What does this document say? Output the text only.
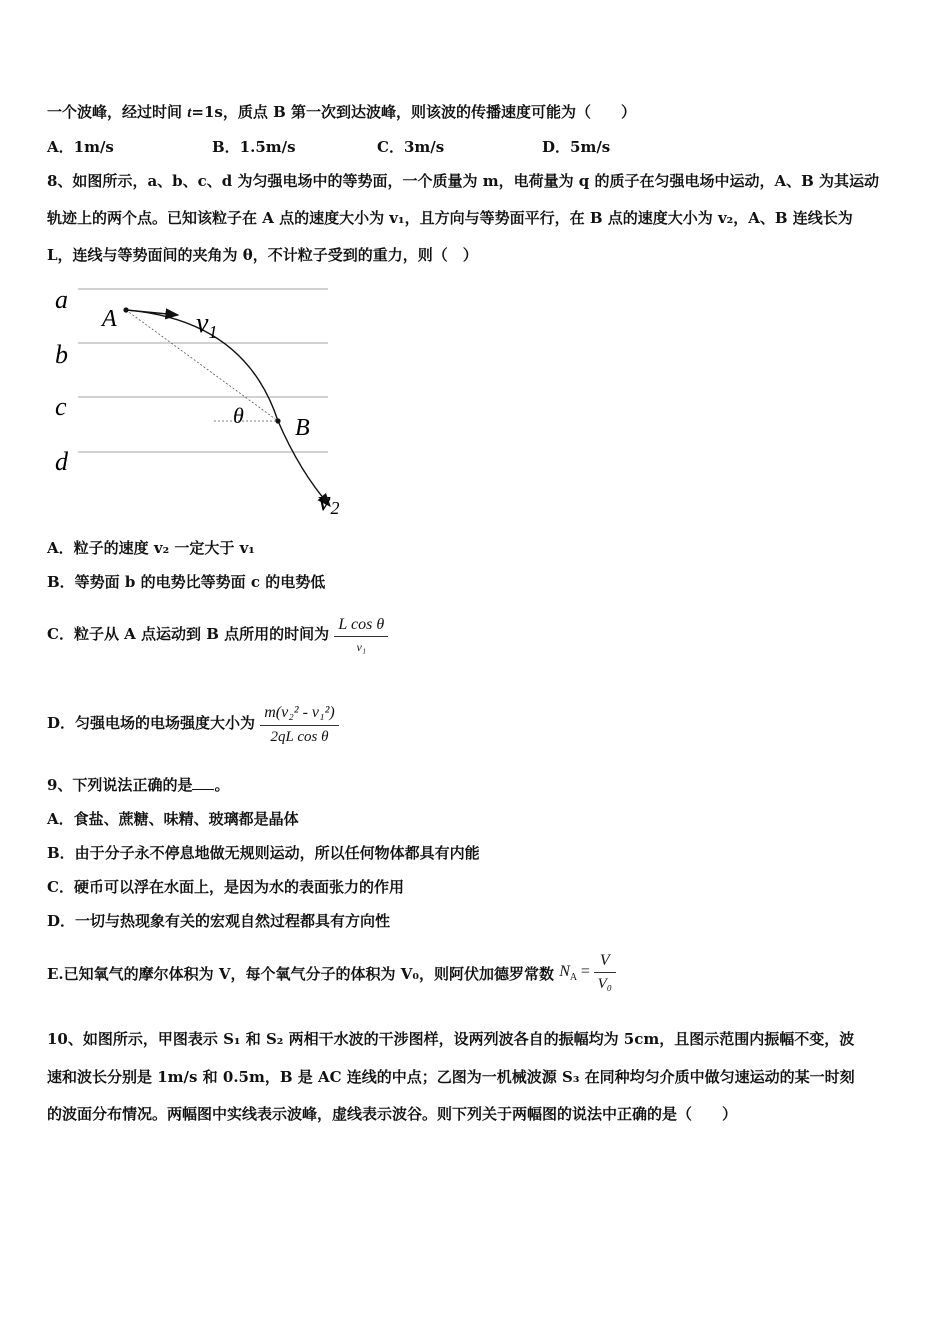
一个波峰，经过时间 t=1s，质点 B 第一次到达波峰，则该波的传播速度可能为（　　）
A．1m/s	B．1.5m/s	C．3m/s	D．5m/s
8、如图所示，a、b、c、d 为匀强电场中的等势面，一个质量为 m，电荷量为 q 的质子在匀强电场中运动，A、B 为其运动
轨迹上的两个点。已知该粒子在 A 点的速度大小为 v₁，且方向与等势面平行，在 B 点的速度大小为 v₂，A、B 连线长为
L，连线与等势面间的夹角为 θ，不计粒子受到的重力，则（　）
a
b
c
d
A
B
θ
$v_1$
v2
A．粒子的速度 v₂ 一定大于 v₁
B．等势面 b 的电势比等势面 c 的电势低
C．粒子从 A 点运动到 B 点所用的时间为 $\frac{\text{L cos θ}}{\text{v₁}}$
D．匀强电场的电场强度大小为 $\frac{\text{m(v₂² - v₁²)}}{\text{2qL cos θ}}$
9、下列说法正确的是 。
A．食盐、蔗糖、味精、玻璃都是晶体
B．由于分子永不停息地做无规则运动，所以任何物体都具有内能
C．硬币可以浮在水面上，是因为水的表面张力的作用
D．一切与热现象有关的宏观自然过程都具有方向性
E.已知氧气的摩尔体积为 V，每个氧气分子的体积为 V₀，则阿伏加德罗常数 $N_A = \frac{V}{\text{V₀}}$
10、如图所示，甲图表示 S₁ 和 S₂ 两相干水波的干涉图样，设两列波各自的振幅均为 5cm，且图示范围内振幅不变，波
速和波长分别是 1m/s 和 0.5m，B 是 AC 连线的中点；乙图为一机械波源 S₃ 在同种均匀介质中做匀速运动的某一时刻
的波面分布情况。两幅图中实线表示波峰，虚线表示波谷。则下列关于两幅图的说法中正确的是（　　）
